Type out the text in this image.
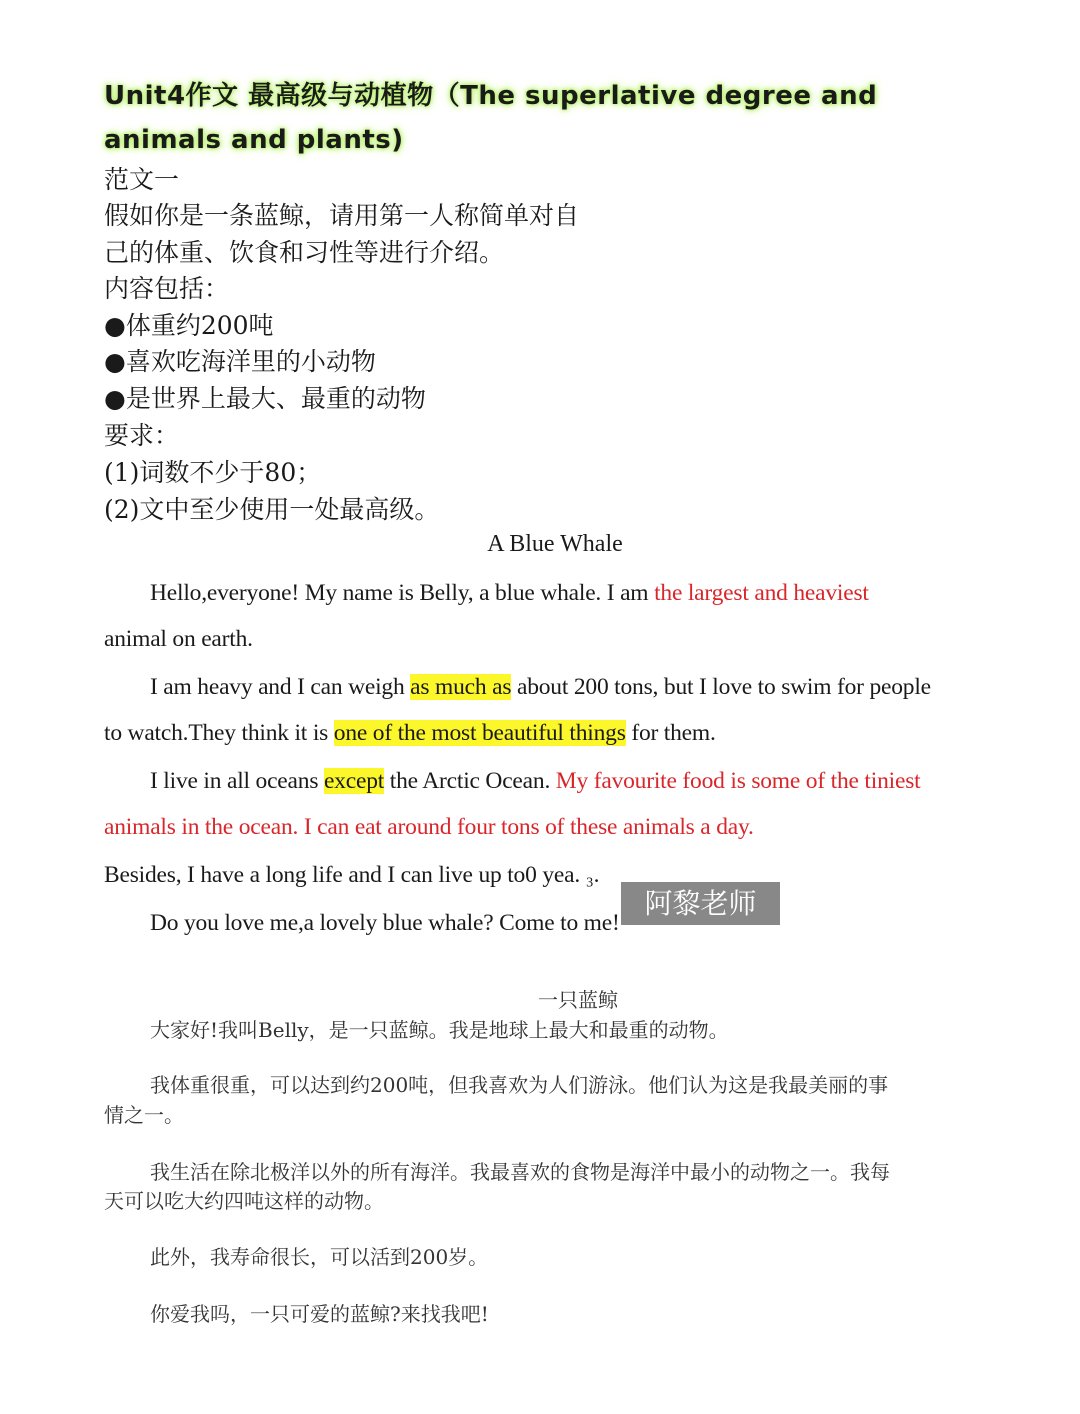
Unit4作文 最高级与动植物（The superlative degree and animals and plants)
范文一
假如你是一条蓝鲸，请用第一人称简单对自
己的体重、饮食和习性等进行介绍。
内容包括：
●体重约200吨
●喜欢吃海洋里的小动物
●是世界上最大、最重的动物
要求：
(1)词数不少于80；
(2)文中至少使用一处最高级。
A Blue Whale
Hello,everyone! My name is Belly, a blue whale. I am the largest and heaviest
animal on earth.
I am heavy and I can weigh as much as about 200 tons, but I love to swim for people
to watch.They think it is one of the most beautiful things for them.
I live in all oceans except the Arctic Ocean. My favourite food is some of the tiniest
animals in the ocean. I can eat around four tons of these animals a day.
Besides, I have a long life and I can live up to0 yea. ₃.
Do you love me,a lovely blue whale? Come to me!
阿黎老师
一只蓝鲸
大家好!我叫Belly，是一只蓝鲸。我是地球上最大和最重的动物。
我体重很重，可以达到约200吨，但我喜欢为人们游泳。他们认为这是我最美丽的事
情之一。
我生活在除北极洋以外的所有海洋。我最喜欢的食物是海洋中最小的动物之一。我每
天可以吃大约四吨这样的动物。
此外，我寿命很长，可以活到200岁。
你爱我吗，一只可爱的蓝鲸?来找我吧!
